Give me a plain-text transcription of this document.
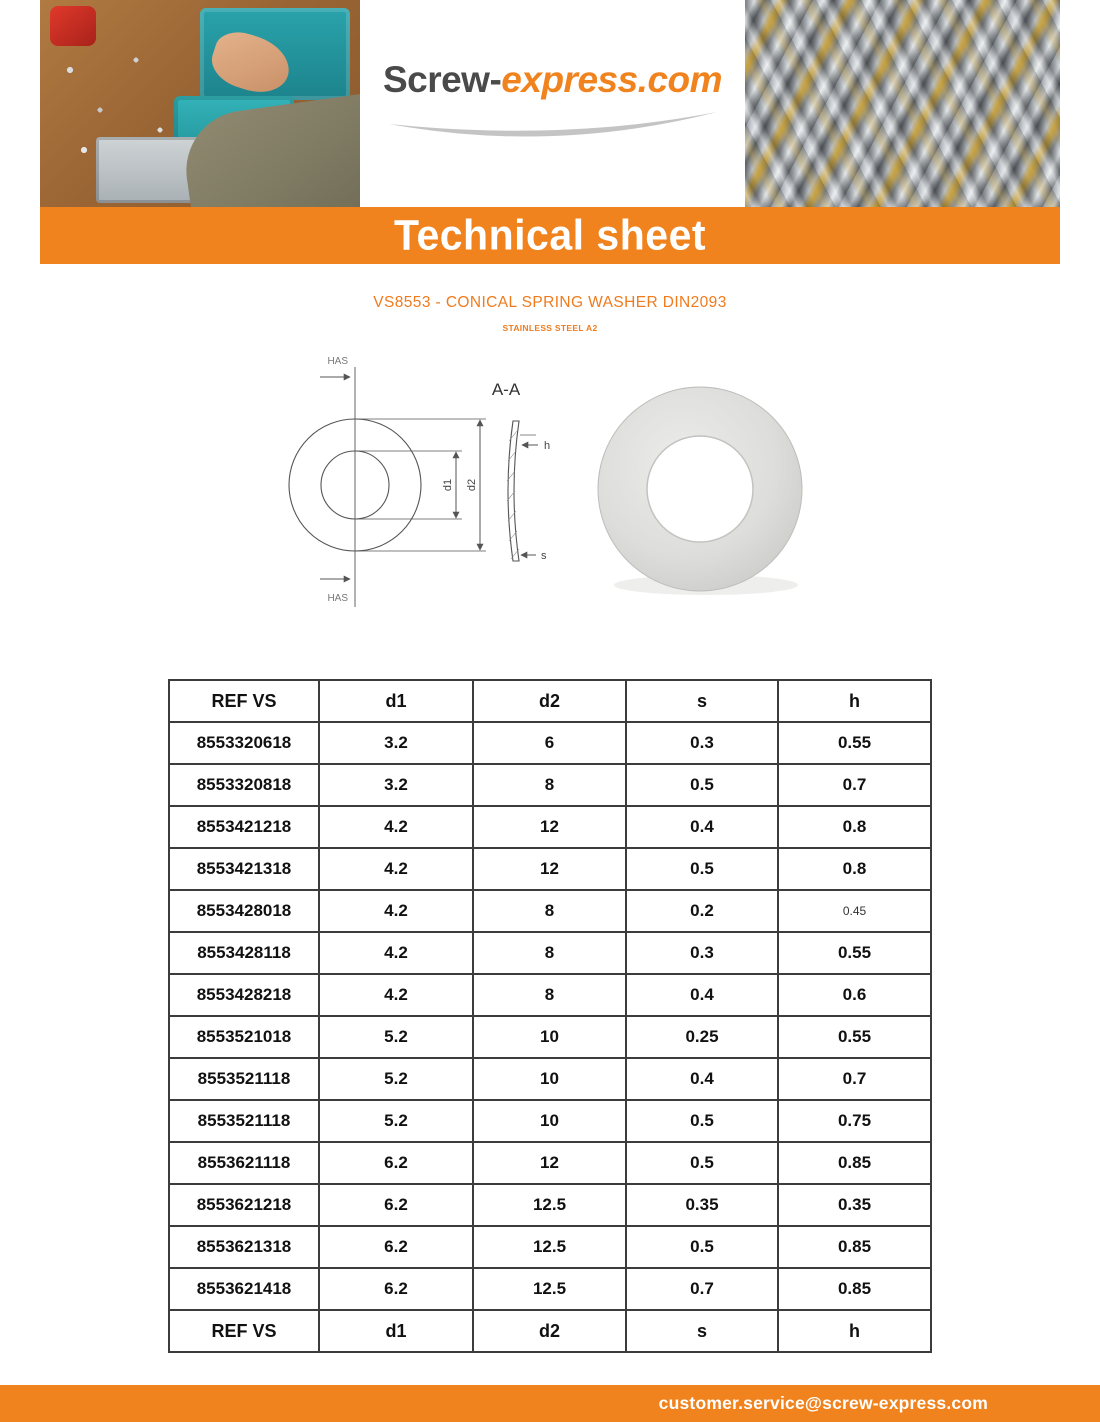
Screw-express.com
Technical sheet
VS8553 - CONICAL SPRING WASHER DIN2093
STAINLESS STEEL A2
HAS
HAS
d1 d2
A-A
h
s
REF VS	d1	d2	s	h
8553320618	3.2	6	0.3	0.55
8553320818	3.2	8	0.5	0.7
8553421218	4.2	12	0.4	0.8
8553421318	4.2	12	0.5	0.8
8553428018	4.2	8	0.2	0.45
8553428118	4.2	8	0.3	0.55
8553428218	4.2	8	0.4	0.6
8553521018	5.2	10	0.25	0.55
8553521118	5.2	10	0.4	0.7
8553521118	5.2	10	0.5	0.75
8553621118	6.2	12	0.5	0.85
8553621218	6.2	12.5	0.35	0.35
8553621318	6.2	12.5	0.5	0.85
8553621418	6.2	12.5	0.7	0.85
REF VS	d1	d2	s	h
customer.service@screw-express.com
